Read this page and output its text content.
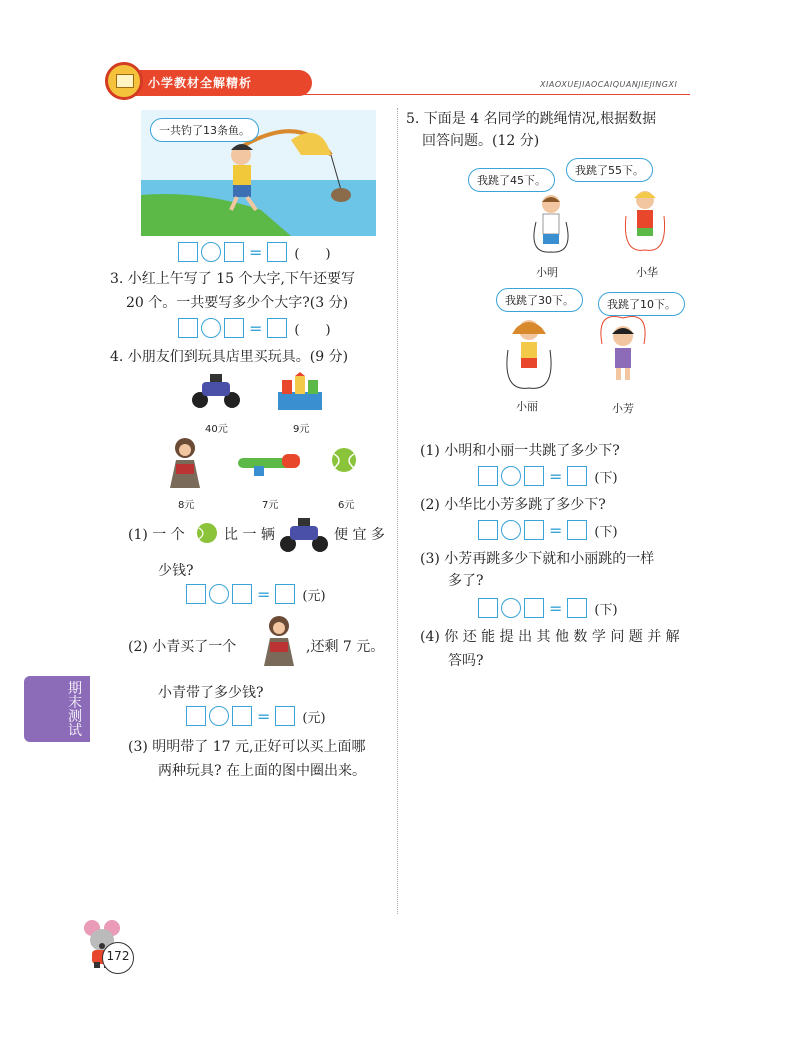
小学教材全解精析	XIAOXUEJIAOCAIQUANJIEJINGXI
一共钓了13条鱼。
= (　　)
3. 小红上午写了 15 个大字,下午还要写
20 个。一共要写多少个大字?(3 分)
= (　　)
4. 小朋友们到玩具店里买玩具。(9 分)
40元	9元
8元	7元	6元
(1) 一 个	比 一 辆	便 宜 多
少钱?
= (元)
(2) 小青买了一个	,还剩 7 元。
小青带了多少钱?
= (元)
(3) 明明带了 17 元,正好可以买上面哪
两种玩具? 在上面的图中圈出来。
期末测试
172
5. 下面是 4 名同学的跳绳情况,根据数据
回答问题。(12 分)
我跳了45下。
我跳了55下。
小明	小华
我跳了30下。	我跳了10下。
小丽	小芳
(1) 小明和小丽一共跳了多少下?
= (下)
(2) 小华比小芳多跳了多少下?
= (下)
(3) 小芳再跳多少下就和小丽跳的一样
多了?
= (下)
(4) 你 还 能 提 出 其 他 数 学 问 题 并 解
答吗?
